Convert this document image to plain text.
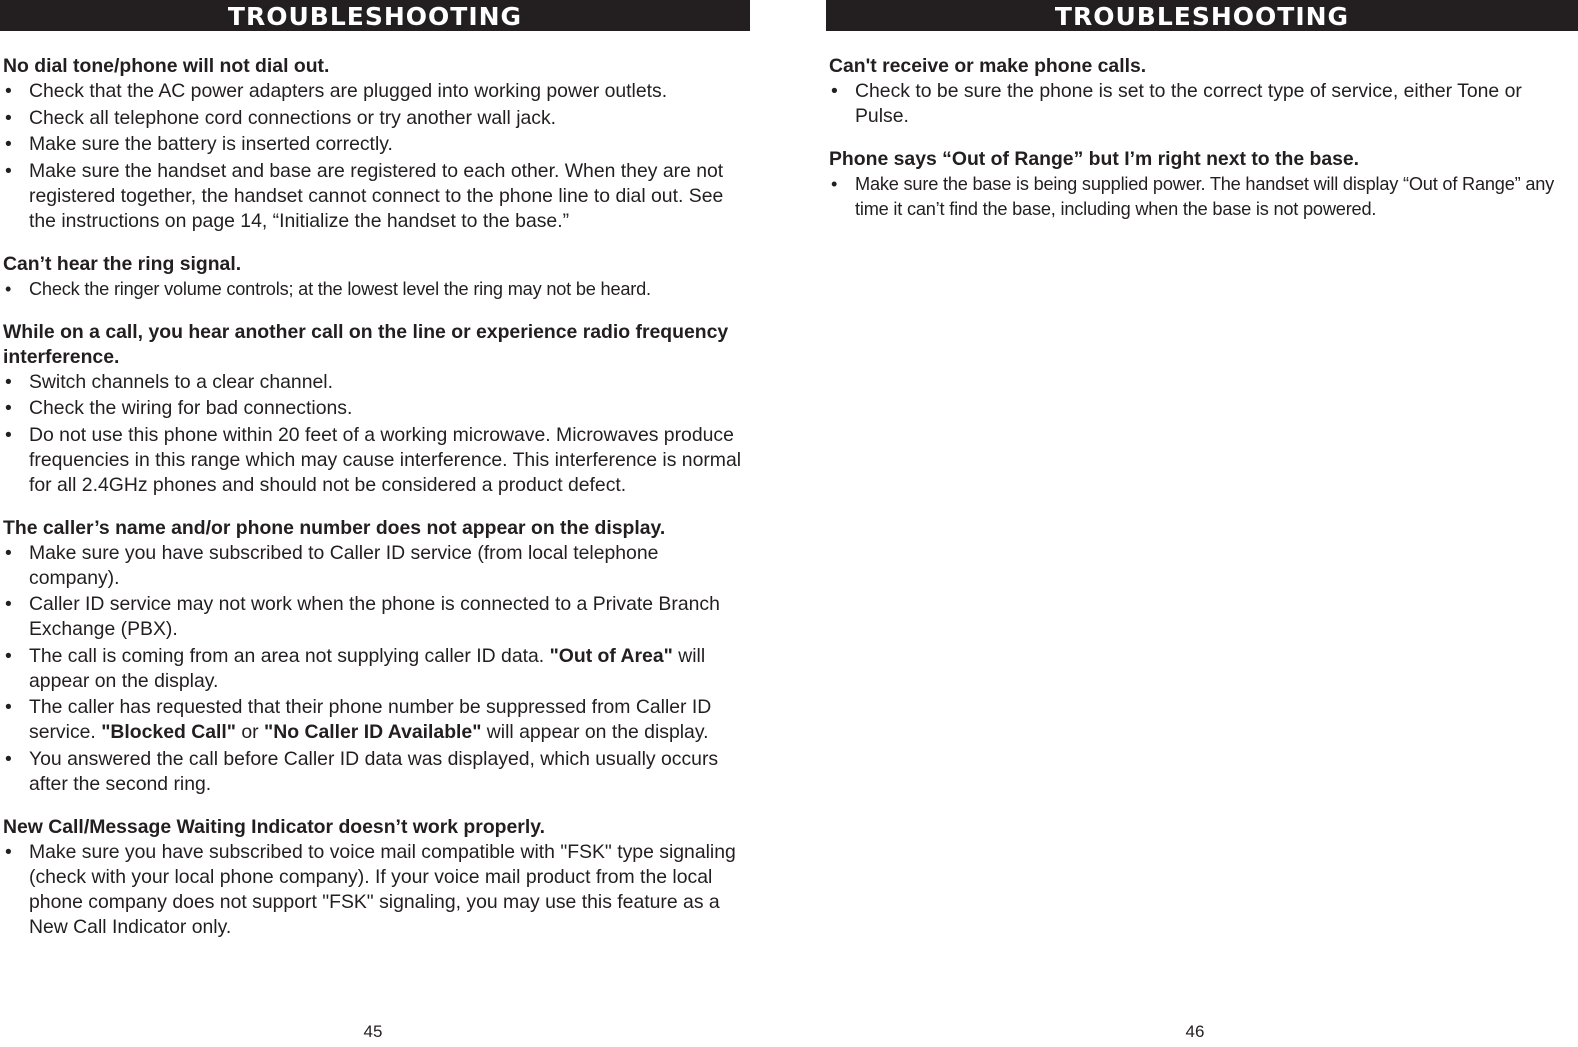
TROUBLESHOOTING

No dial tone/phone will not dial out.

• Check that the AC power adapters are plugged into working power outlets.
• Check all telephone cord connections or try another wall jack.
• Make sure the battery is inserted correctly.
• Make sure the handset and base are registered to each other. When they are not registered together, the handset cannot connect to the phone line to dial out. See the instructions on page 14, “Initialize the handset to the base.”

Can’t hear the ring signal.

• Check the ringer volume controls; at the lowest level the ring may not be heard.

While on a call, you hear another call on the line or experience radio frequency interference.

• Switch channels to a clear channel.
• Check the wiring for bad connections.
• Do not use this phone within 20 feet of a working microwave. Microwaves produce frequencies in this range which may cause interference. This interference is normal for all 2.4GHz phones and should not be considered a product defect.

The caller’s name and/or phone number does not appear on the display.

• Make sure you have subscribed to Caller ID service (from local telephone company).
• Caller ID service may not work when the phone is connected to a Private Branch Exchange (PBX).
• The call is coming from an area not supplying caller ID data. "Out of Area" will appear on the display.
• The caller has requested that their phone number be suppressed from Caller ID service. "Blocked Call" or "No Caller ID Available" will appear on the display.
• You answered the call before Caller ID data was displayed, which usually occurs after the second ring.

New Call/Message Waiting Indicator doesn’t work properly.

• Make sure you have subscribed to voice mail compatible with "FSK" type signaling (check with your local phone company). If your voice mail product from the local phone company does not support "FSK" signaling, you may use this feature as a New Call Indicator only.
45
TROUBLESHOOTING

Can't receive or make phone calls.

• Check to be sure the phone is set to the correct type of service, either Tone or Pulse.

Phone says “Out of Range” but I’m right next to the base.

• Make sure the base is being supplied power. The handset will display “Out of Range” any time it can’t find the base, including when the base is not powered.
46
